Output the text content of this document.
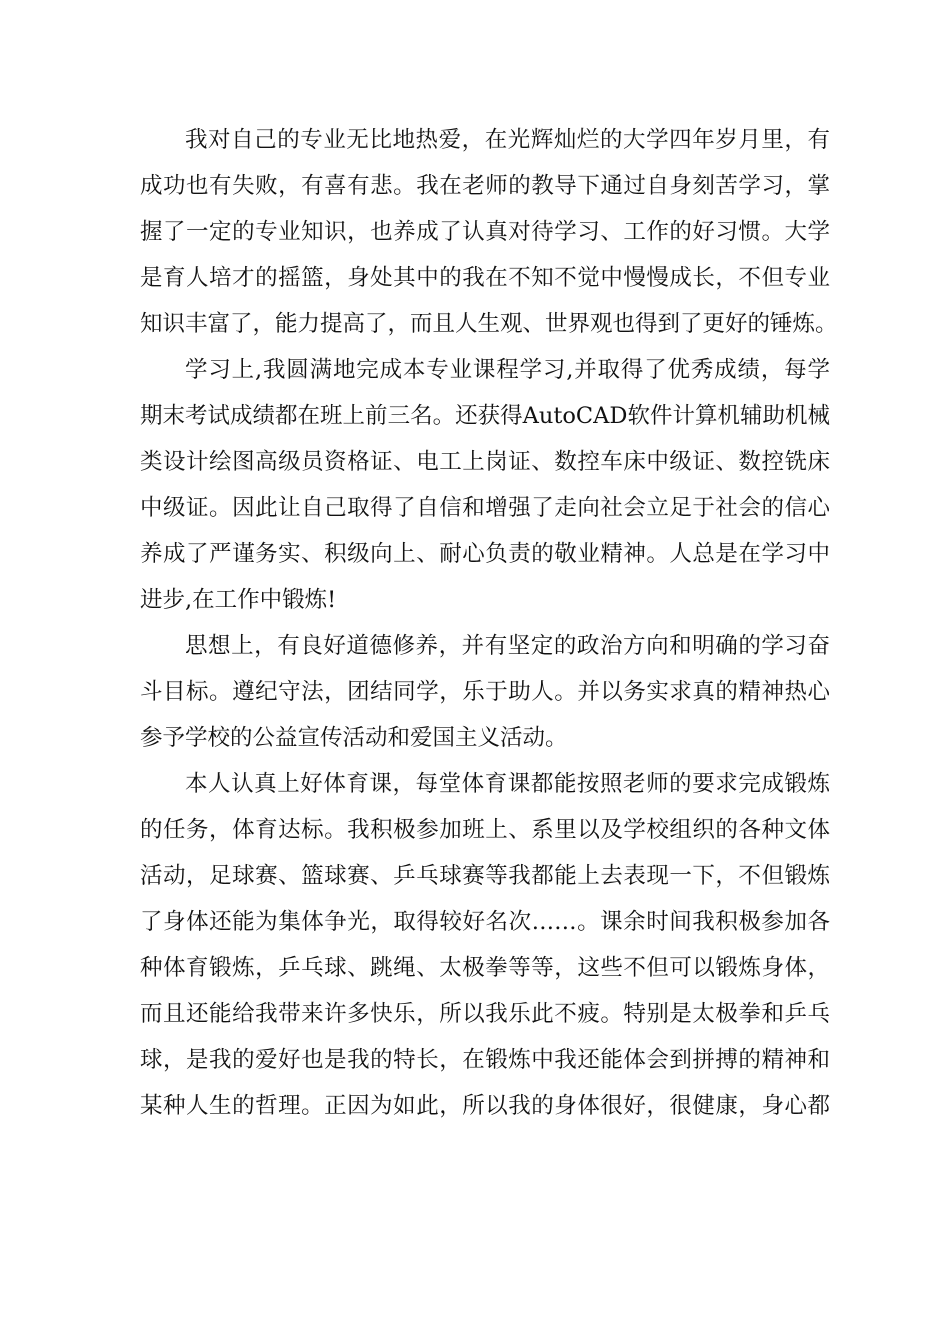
我对自己的专业无比地热爱，在光辉灿烂的大学四年岁月里，有
成功也有失败，有喜有悲。我在老师的教导下通过自身刻苦学习，掌
握了一定的专业知识，也养成了认真对待学习、工作的好习惯。大学
是育人培才的摇篮，身处其中的我在不知不觉中慢慢成长，不但专业
知识丰富了，能力提高了，而且人生观、世界观也得到了更好的锤炼。
学习上,我圆满地完成本专业课程学习,并取得了优秀成绩，每学
期末考试成绩都在班上前三名。还获得AutoCAD软件计算机辅助机械
类设计绘图高级员资格证、电工上岗证、数控车床中级证、数控铣床
中级证。因此让自己取得了自信和增强了走向社会立足于社会的信心
养成了严谨务实、积级向上、耐心负责的敬业精神。人总是在学习中
进步,在工作中锻炼!
思想上，有良好道德修养，并有坚定的政治方向和明确的学习奋
斗目标。遵纪守法，团结同学，乐于助人。并以务实求真的精神热心
参予学校的公益宣传活动和爱国主义活动。
本人认真上好体育课，每堂体育课都能按照老师的要求完成锻炼
的任务，体育达标。我积极参加班上、系里以及学校组织的各种文体
活动，足球赛、篮球赛、乒乓球赛等我都能上去表现一下，不但锻炼
了身体还能为集体争光，取得较好名次……。课余时间我积极参加各
种体育锻炼，乒乓球、跳绳、太极拳等等，这些不但可以锻炼身体，
而且还能给我带来许多快乐，所以我乐此不疲。特别是太极拳和乒乓
球，是我的爱好也是我的特长，在锻炼中我还能体会到拼搏的精神和
某种人生的哲理。正因为如此，所以我的身体很好，很健康，身心都
